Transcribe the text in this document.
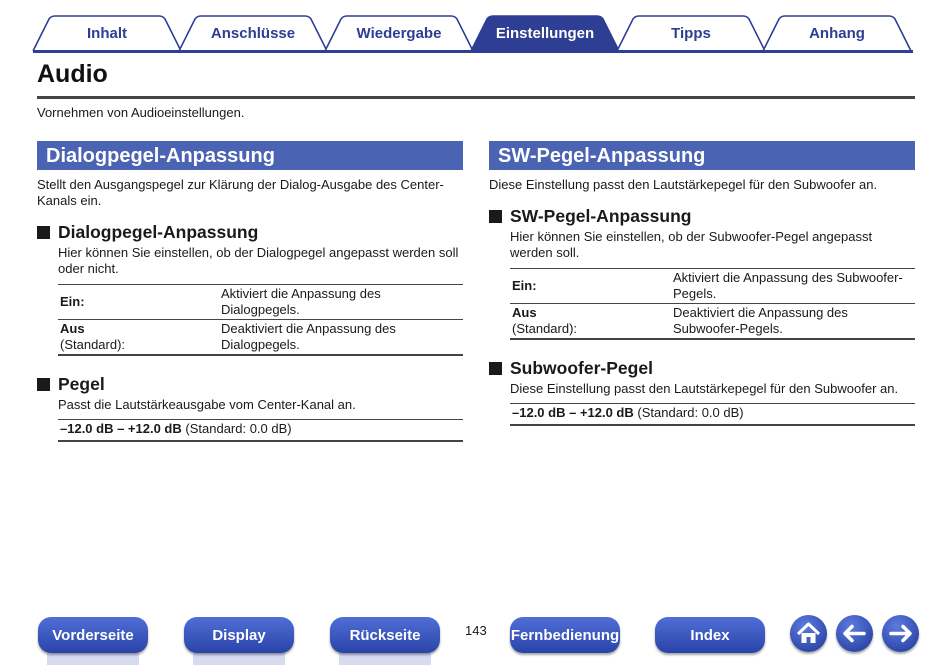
Inhalt	Anschlüsse	Wiedergabe	Einstellungen	Tipps	Anhang
Audio
Vornehmen von Audioeinstellungen.
Dialogpegel-Anpassung
Stellt den Ausgangspegel zur Klärung der Dialog-Ausgabe des Center-Kanals ein.
Dialogpegel-Anpassung
Hier können Sie einstellen, ob der Dialogpegel angepasst werden soll oder nicht.
Ein:	Aktiviert die Anpassung des Dialogpegels.
Aus
(Standard):	Deaktiviert die Anpassung des Dialogpegels.
Pegel
Passt die Lautstärkeausgabe vom Center-Kanal an.
–12.0 dB – +12.0 dB (Standard: 0.0 dB)
SW-Pegel-Anpassung
Diese Einstellung passt den Lautstärkepegel für den Subwoofer an.
SW-Pegel-Anpassung
Hier können Sie einstellen, ob der Subwoofer-Pegel angepasst werden soll.
Ein:	Aktiviert die Anpassung des Subwoofer-Pegels.
Aus
(Standard):	Deaktiviert die Anpassung des Subwoofer-Pegels.
Subwoofer-Pegel
Diese Einstellung passt den Lautstärkepegel für den Subwoofer an.
–12.0 dB – +12.0 dB (Standard: 0.0 dB)
Vorderseite	Display	Rückseite	143 Fernbedienung	Index
